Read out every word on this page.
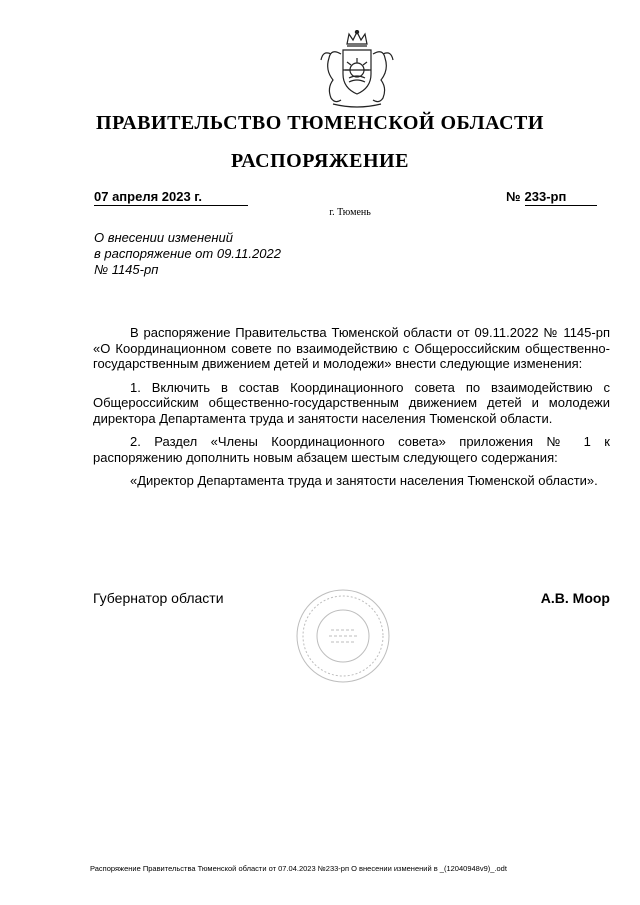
ПРАВИТЕЛЬСТВО ТЮМЕНСКОЙ ОБЛАСТИ
РАСПОРЯЖЕНИЕ
07 апреля 2023 г.	№ 233-рп
г. Тюмень
О внесении изменений
в распоряжение от 09.11.2022
№ 1145-рп

В распоряжение Правительства Тюменской области от 09.11.2022 № 1145-рп «О Координационном совете по взаимодействию с Общероссийским общественно-государственным движением детей и молодежи» внести следующие изменения:

1. Включить в состав Координационного совета по взаимодействию с Общероссийским общественно-государственным движением детей и молодежи директора Департамента труда и занятости населения Тюменской области.

2. Раздел «Члены Координационного совета» приложения № 1 к распоряжению дополнить новым абзацем шестым следующего содержания:

«Директор Департамента труда и занятости населения Тюменской области».

Губернатор области	А.В. Моор
Распоряжение Правительства Тюменской области от 07.04.2023 №233-рп О внесении изменений в _(12040948v9)_.odt
